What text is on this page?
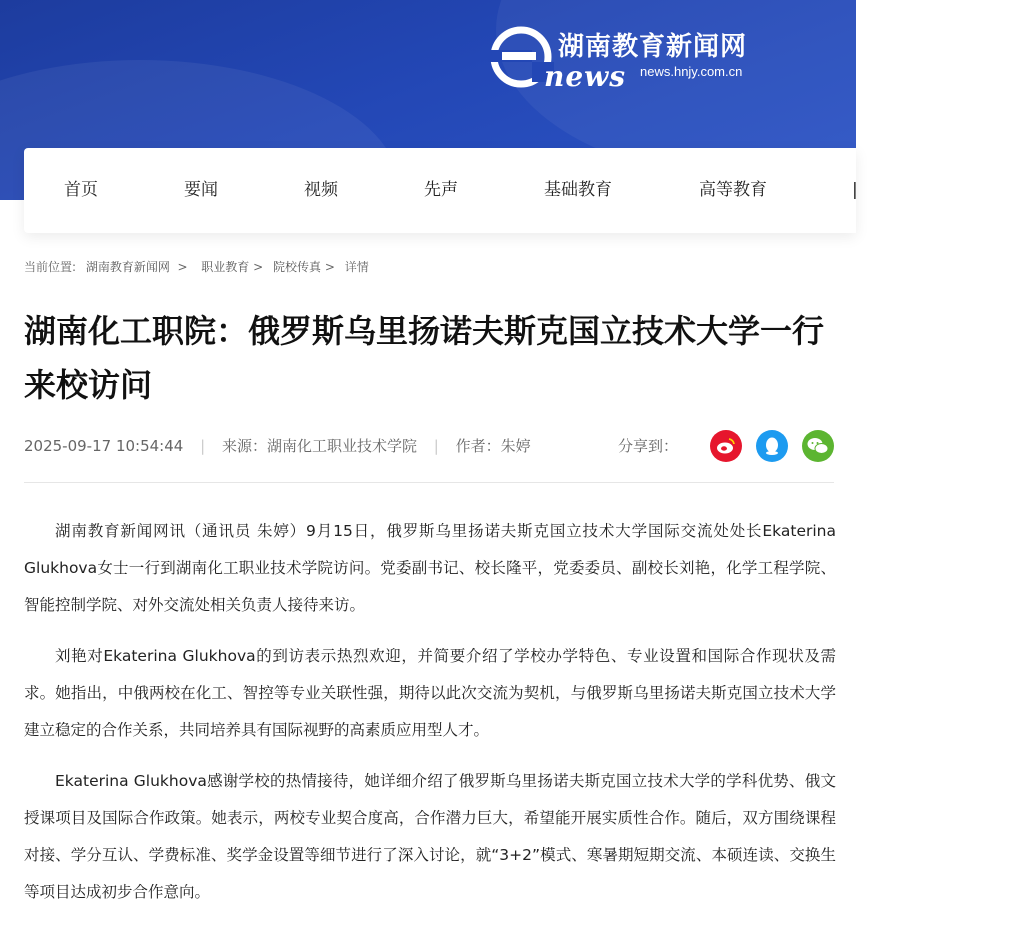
湖南教育新闻网
news news.hnjy.com.cn
首页	要闻	视频	先声	基础教育	高等教育	|
当前位置: 湖南教育新闻网  >  职业教育 > 院校传真 > 详情
湖南化工职院：俄罗斯乌里扬诺夫斯克国立技术大学一行来校访问
2025-09-17 10:54:44 | 来源：湖南化工职业技术学院 | 作者：朱婷	分享到：

湖南教育新闻网讯（通讯员 朱婷）9月15日，俄罗斯乌里扬诺夫斯克国立技术大学国际交流处处长Ekaterina Glukhova女士一行到湖南化工职业技术学院访问。党委副书记、校长隆平，党委委员、副校长刘艳，化学工程学院、智能控制学院、对外交流处相关负责人接待来访。

刘艳对Ekaterina Glukhova的到访表示热烈欢迎，并简要介绍了学校办学特色、专业设置和国际合作现状及需求。她指出，中俄两校在化工、智控等专业关联性强，期待以此次交流为契机，与俄罗斯乌里扬诺夫斯克国立技术大学建立稳定的合作关系，共同培养具有国际视野的高素质应用型人才。

Ekaterina Glukhova感谢学校的热情接待，她详细介绍了俄罗斯乌里扬诺夫斯克国立技术大学的学科优势、俄文授课项目及国际合作政策。她表示，两校专业契合度高，合作潜力巨大，希望能开展实质性合作。随后，双方围绕课程对接、学分互认、学费标准、奖学金设置等细节进行了深入讨论，就“3+2”模式、寒暑期短期交流、本硕连读、交换生等项目达成初步合作意向。
